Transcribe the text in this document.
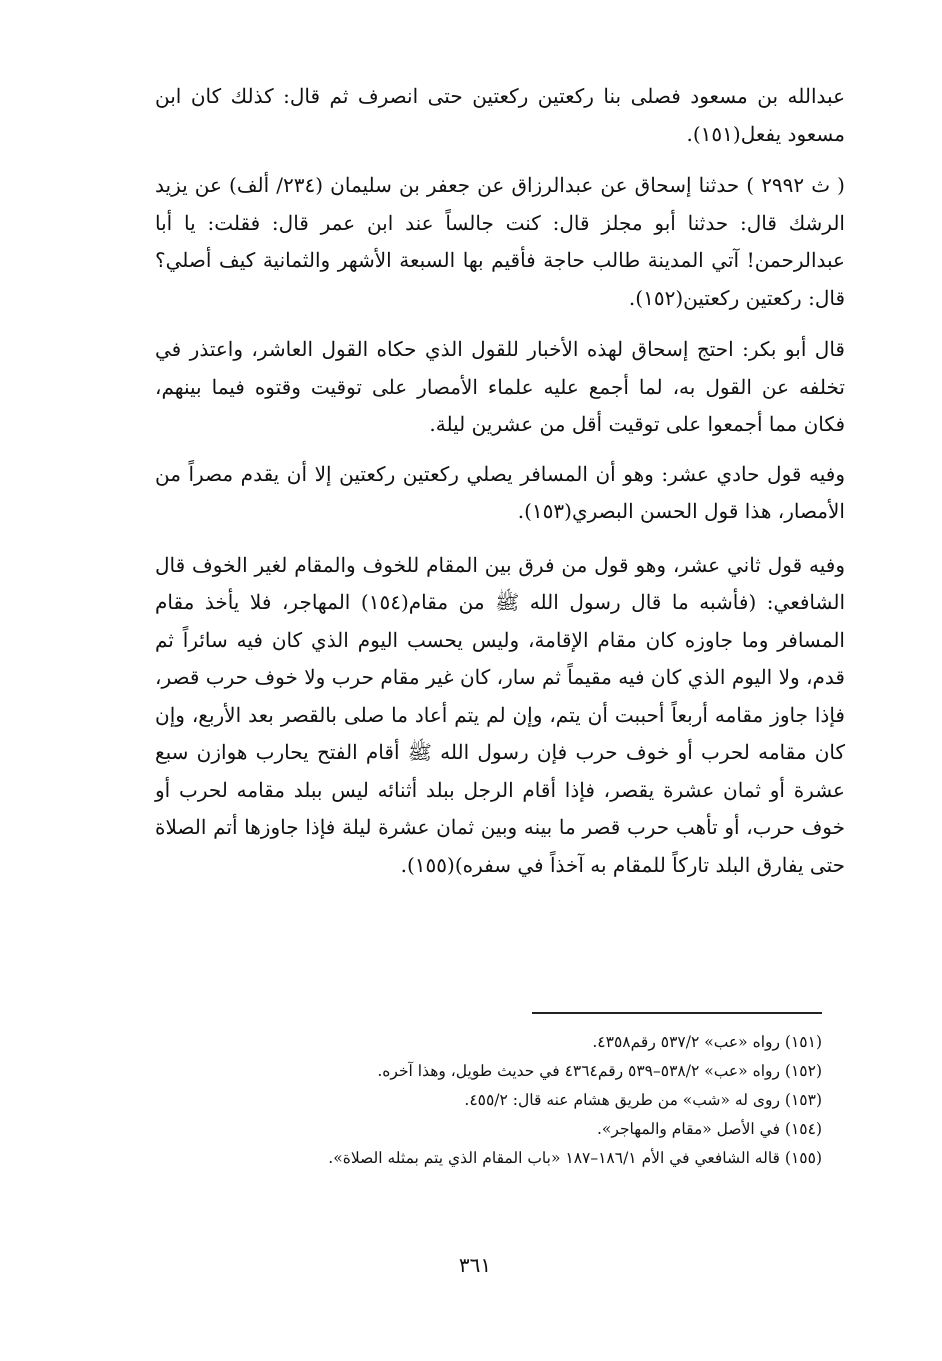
عبدالله بن مسعود فصلى بنا ركعتين ركعتين حتى انصرف ثم قال: كذلك كان ابن مسعود يفعل(١٥١).

( ث ٢٩٩٢ ) حدثنا إسحاق عن عبدالرزاق عن جعفر بن سليمان (٢٣٤/ ألف) عن يزيد الرشك قال: حدثنا أبو مجلز قال: كنت جالساً عند ابن عمر قال: فقلت: يا أبا عبدالرحمن! آتي المدينة طالب حاجة فأقيم بها السبعة الأشهر والثمانية كيف أصلي؟ قال: ركعتين ركعتين(١٥٢).

قال أبو بكر: احتج إسحاق لهذه الأخبار للقول الذي حكاه القول العاشر، واعتذر في تخلفه عن القول به، لما أجمع عليه علماء الأمصار على توقيت وقتوه فيما بينهم، فكان مما أجمعوا على توقيت أقل من عشرين ليلة.

وفيه قول حادي عشر: وهو أن المسافر يصلي ركعتين ركعتين إلا أن يقدم مصراً من الأمصار، هذا قول الحسن البصري(١٥٣).

وفيه قول ثاني عشر، وهو قول من فرق بين المقام للخوف والمقام لغير الخوف قال الشافعي: (فأشبه ما قال رسول الله ﷺ من مقام(١٥٤) المهاجر، فلا يأخذ مقام المسافر وما جاوزه كان مقام الإقامة، وليس يحسب اليوم الذي كان فيه سائراً ثم قدم، ولا اليوم الذي كان فيه مقيماً ثم سار، كان غير مقام حرب ولا خوف حرب قصر، فإذا جاوز مقامه أربعاً أحببت أن يتم، وإن لم يتم أعاد ما صلى بالقصر بعد الأربع، وإن كان مقامه لحرب أو خوف حرب فإن رسول الله ﷺ أقام الفتح يحارب هوازن سبع عشرة أو ثمان عشرة يقصر، فإذا أقام الرجل ببلد أثنائه ليس ببلد مقامه لحرب أو خوف حرب، أو تأهب حرب قصر ما بينه وبين ثمان عشرة ليلة فإذا جاوزها أتم الصلاة حتى يفارق البلد تاركاً للمقام به آخذاً في سفره)(١٥٥).

(١٥١) رواه «عب» ٥٣٧/٢ رقم٤٣٥٨.
(١٥٢) رواه «عب» ٥٣٨/٢–٥٣٩ رقم٤٣٦٤ في حديث طويل، وهذا آخره.
(١٥٣) روى له «شب» من طريق هشام عنه قال: ٤٥٥/٢.
(١٥٤) في الأصل «مقام والمهاجر».
(١٥٥) قاله الشافعي في الأم ١٨٦/١–١٨٧ «باب المقام الذي يتم بمثله الصلاة».
٣٦١
